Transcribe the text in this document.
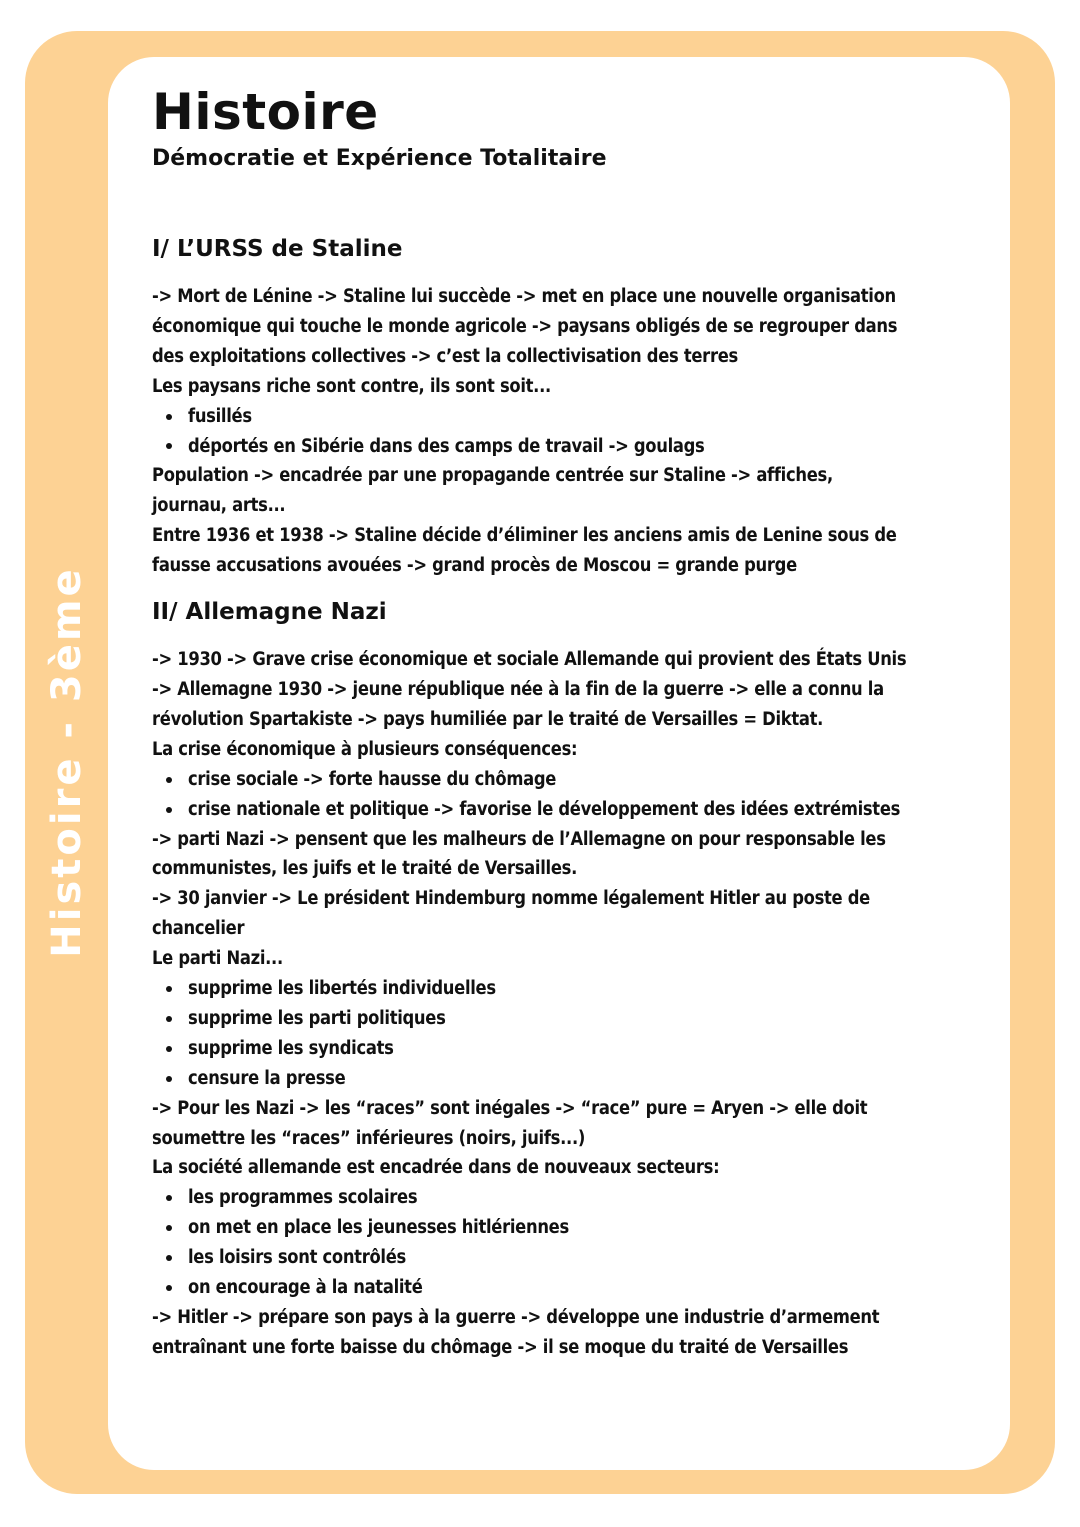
Histoire - 3ème
Histoire
Démocratie et Expérience Totalitaire
I/ L’URSS de Staline

-> Mort de Lénine -> Staline lui succède -> met en place une nouvelle organisation

économique qui touche le monde agricole -> paysans obligés de se regrouper dans

des exploitations collectives -> c’est la collectivisation des terres

Les paysans riche sont contre, ils sont soit...

fusillés

déportés en Sibérie dans des camps de travail -> goulags

Population -> encadrée par une propagande centrée sur Staline -> affiches,

journau, arts...

Entre 1936 et 1938 -> Staline décide d’éliminer les anciens amis de Lenine sous de

fausse accusations avouées -> grand procès de Moscou = grande purge

II/ Allemagne Nazi

-> 1930 -> Grave crise économique et sociale Allemande qui provient des États Unis

-> Allemagne 1930 -> jeune république née à la fin de la guerre -> elle a connu la

révolution Spartakiste -> pays humiliée par le traité de Versailles = Diktat.

La crise économique à plusieurs conséquences:

crise sociale -> forte hausse du chômage

crise nationale et politique -> favorise le développement des idées extrémistes

-> parti Nazi -> pensent que les malheurs de l’Allemagne on pour responsable les

communistes, les juifs et le traité de Versailles.

-> 30 janvier -> Le président Hindemburg nomme légalement Hitler au poste de

chancelier

Le parti Nazi...

supprime les libertés individuelles

supprime les parti politiques

supprime les syndicats

censure la presse

-> Pour les Nazi -> les “races” sont inégales -> “race” pure = Aryen -> elle doit

soumettre les “races” inférieures (noirs, juifs...)

La société allemande est encadrée dans de nouveaux secteurs:

les programmes scolaires

on met en place les jeunesses hitlériennes

les loisirs sont contrôlés

on encourage à la natalité

-> Hitler -> prépare son pays à la guerre -> développe une industrie d’armement

entraînant une forte baisse du chômage -> il se moque du traité de Versailles
